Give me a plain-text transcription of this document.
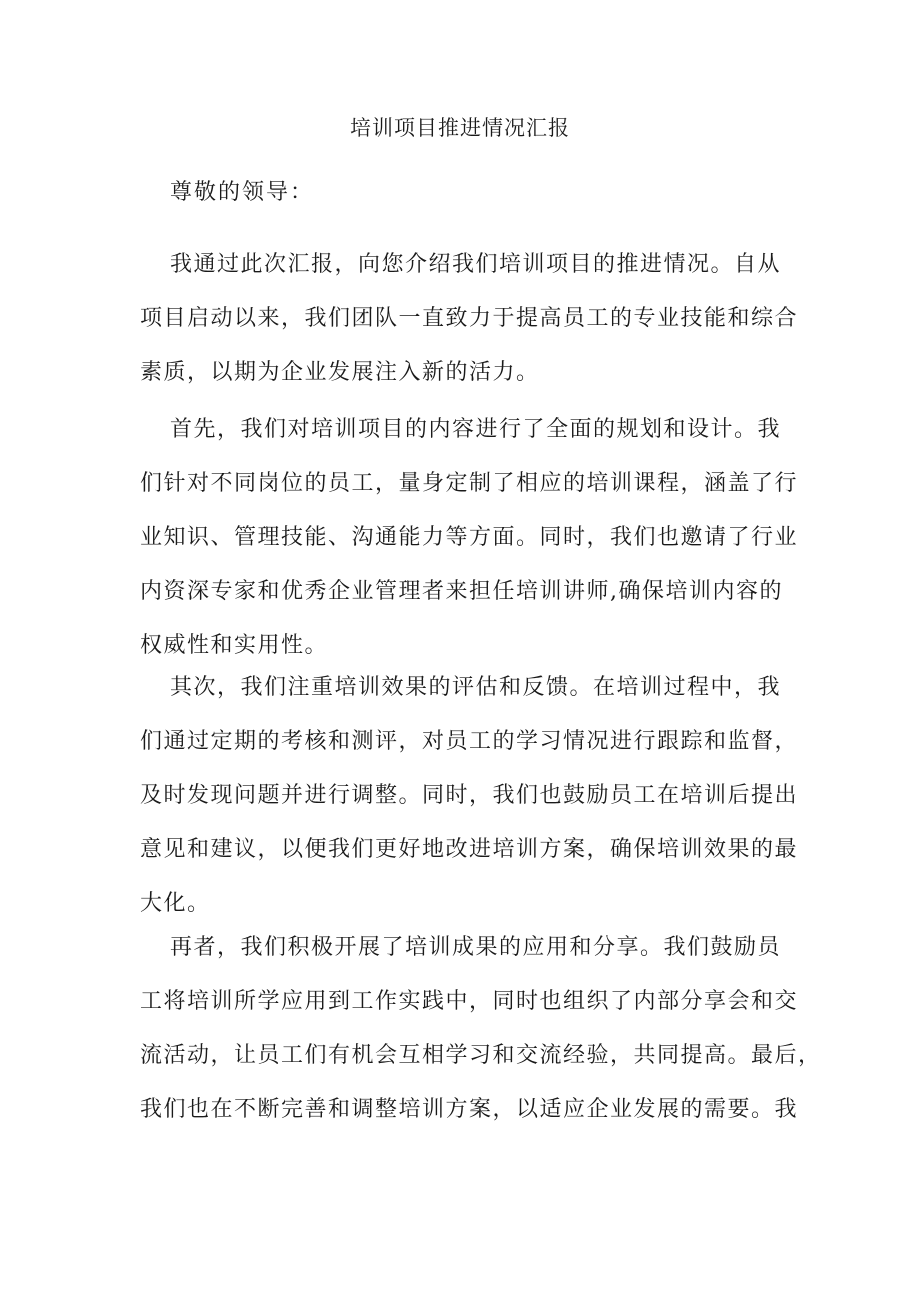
培训项目推进情况汇报
尊敬的领导：
我通过此次汇报，向您介绍我们培训项目的推进情况。自从
项目启动以来，我们团队一直致力于提高员工的专业技能和综合
素质，以期为企业发展注入新的活力。
首先，我们对培训项目的内容进行了全面的规划和设计。我
们针对不同岗位的员工，量身定制了相应的培训课程，涵盖了行
业知识、管理技能、沟通能力等方面。同时，我们也邀请了行业
内资深专家和优秀企业管理者来担任培训讲师,确保培训内容的
权威性和实用性。
其次，我们注重培训效果的评估和反馈。在培训过程中，我
们通过定期的考核和测评，对员工的学习情况进行跟踪和监督，
及时发现问题并进行调整。同时，我们也鼓励员工在培训后提出
意见和建议，以便我们更好地改进培训方案，确保培训效果的最
大化。
再者，我们积极开展了培训成果的应用和分享。我们鼓励员
工将培训所学应用到工作实践中，同时也组织了内部分享会和交
流活动，让员工们有机会互相学习和交流经验，共同提高。最后，
我们也在不断完善和调整培训方案，以适应企业发展的需要。我
